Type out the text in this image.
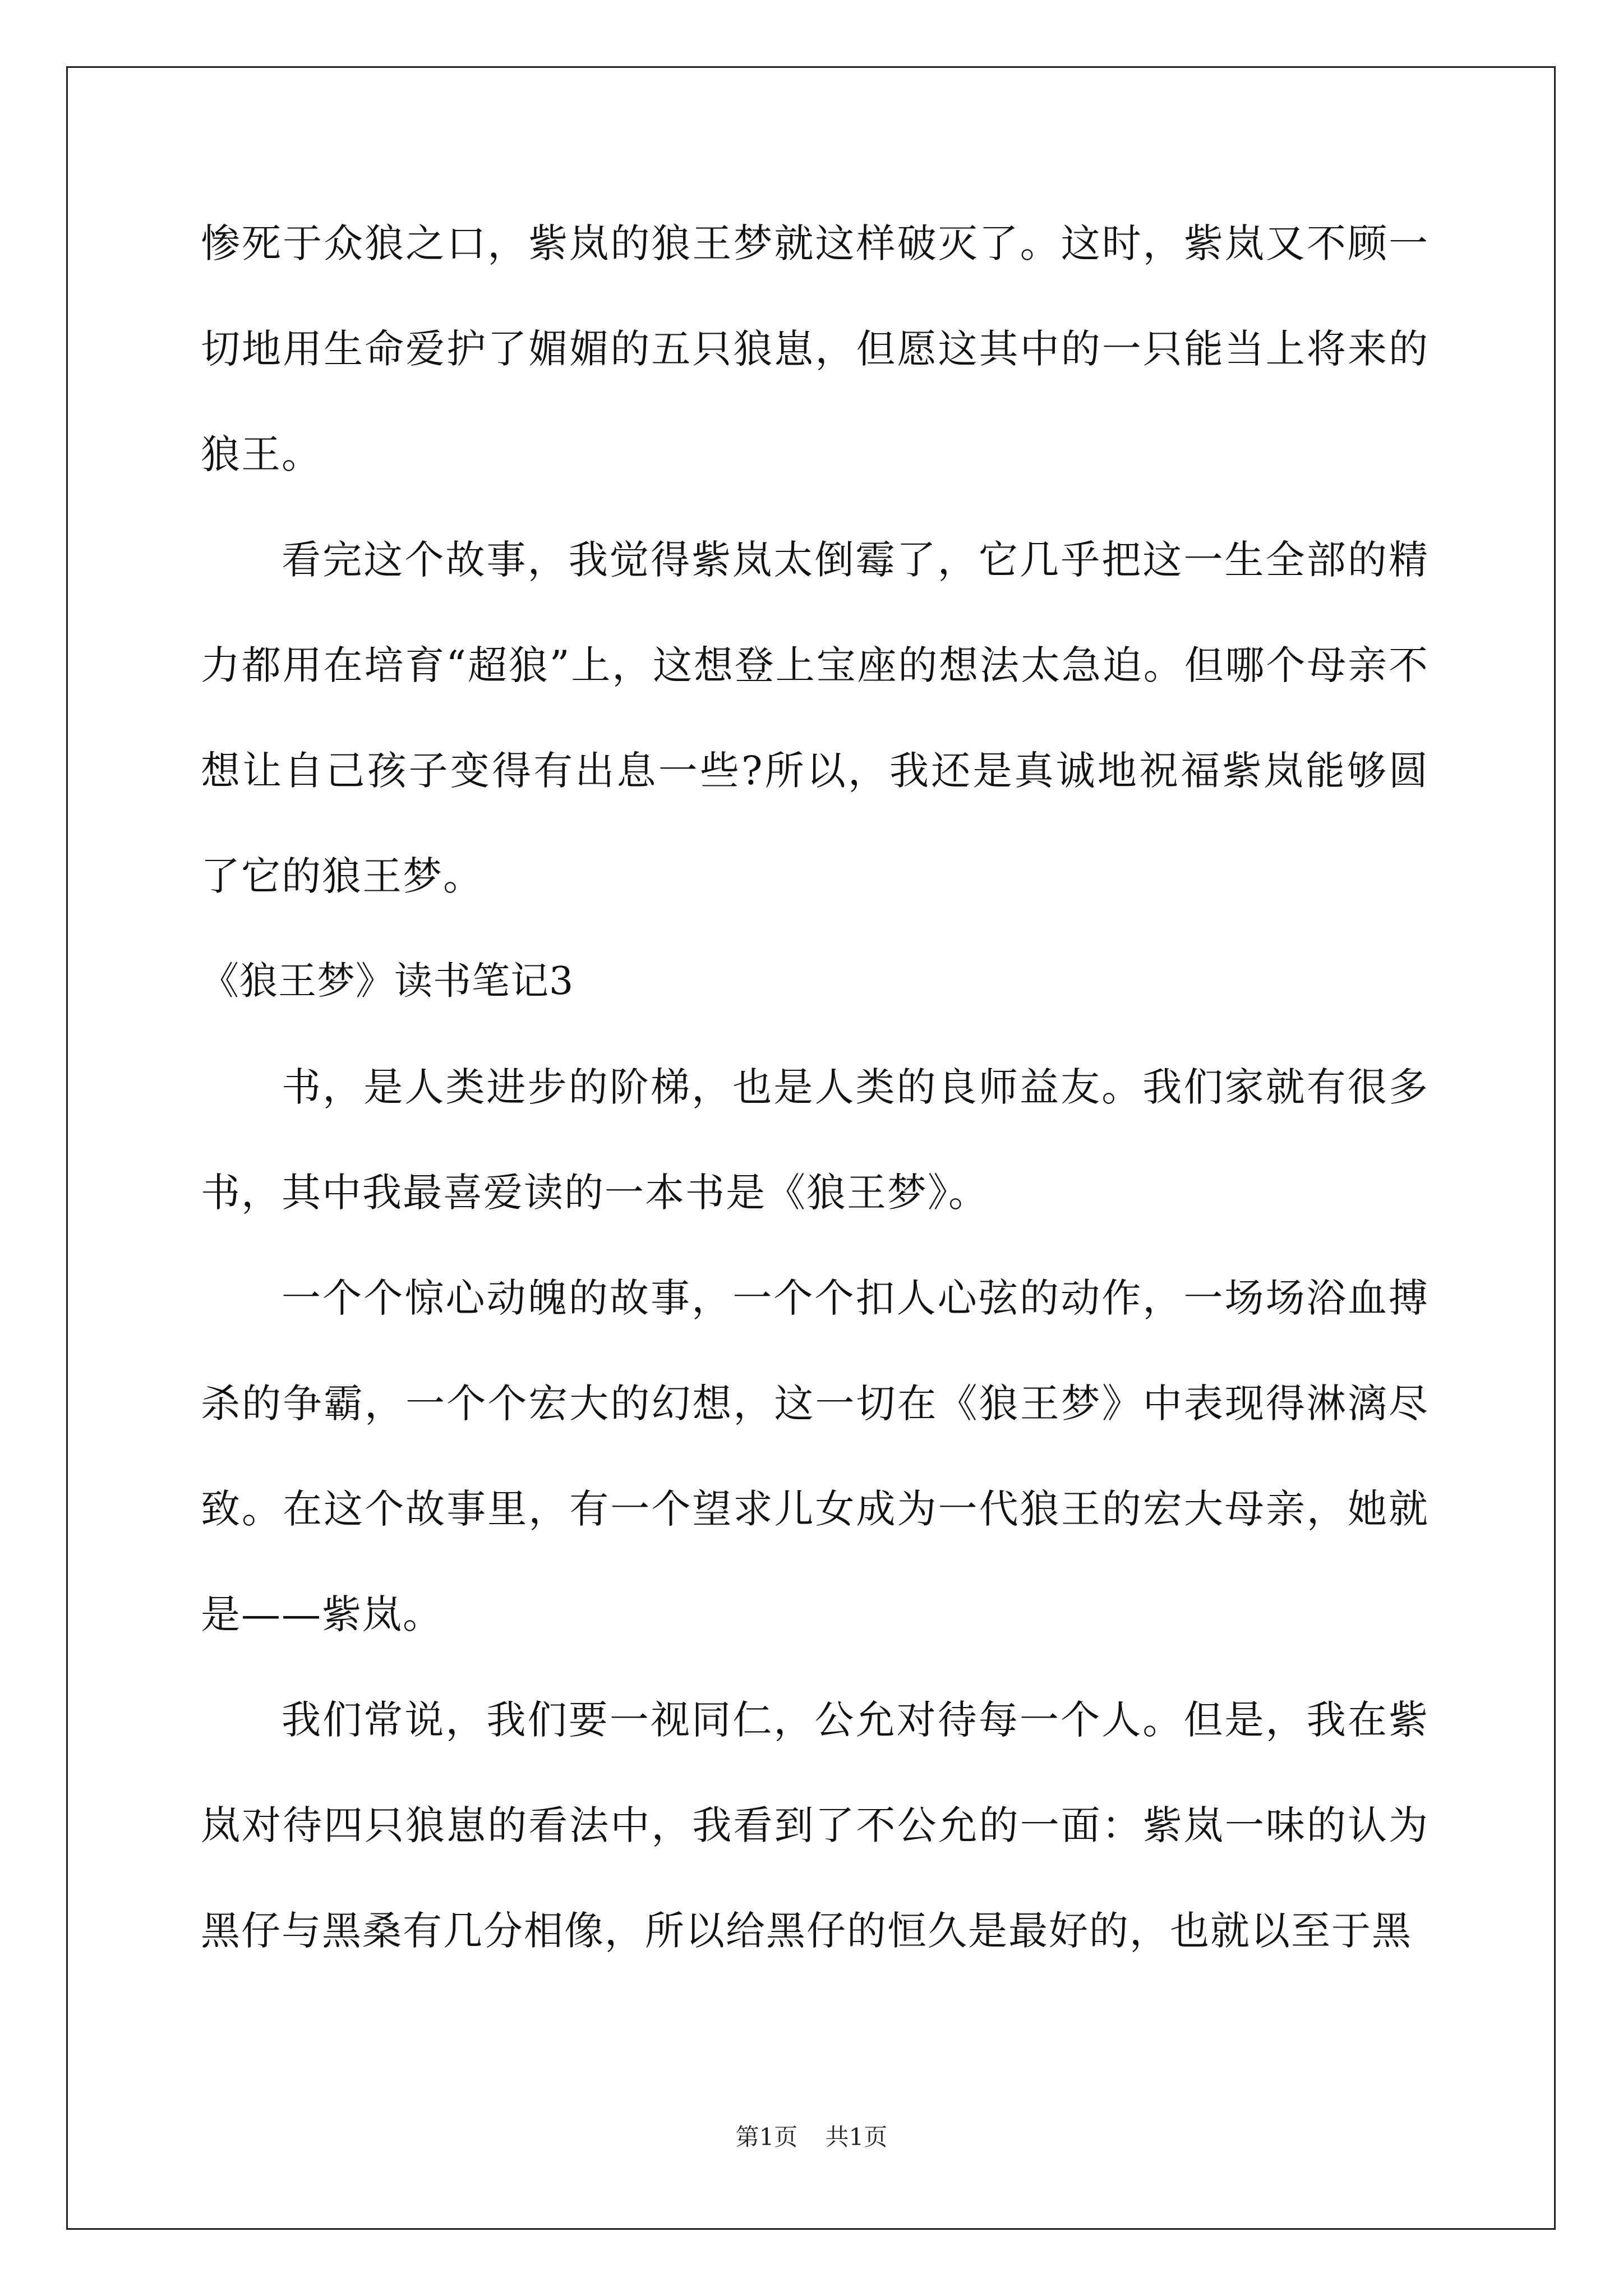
惨死于众狼之口，紫岚的狼王梦就这样破灭了。这时，紫岚又不顾一切地用生命爱护了媚媚的五只狼崽，但愿这其中的一只能当上将来的狼王。

看完这个故事，我觉得紫岚太倒霉了，它几乎把这一生全部的精力都用在培育“超狼”上，这想登上宝座的想法太急迫。但哪个母亲不想让自己孩子变得有出息一些?所以，我还是真诚地祝福紫岚能够圆了它的狼王梦。

《狼王梦》读书笔记3

书，是人类进步的阶梯，也是人类的良师益友。我们家就有很多书，其中我最喜爱读的一本书是《狼王梦》。

一个个惊心动魄的故事，一个个扣人心弦的动作，一场场浴血搏杀的争霸，一个个宏大的幻想，这一切在《狼王梦》中表现得淋漓尽致。在这个故事里，有一个望求儿女成为一代狼王的宏大母亲，她就是——紫岚。

我们常说，我们要一视同仁，公允对待每一个人。但是，我在紫岚对待四只狼崽的看法中，我看到了不公允的一面：紫岚一味的认为黑仔与黑桑有几分相像，所以给黑仔的恒久是最好的，也就以至于黑

第1页 共1页
